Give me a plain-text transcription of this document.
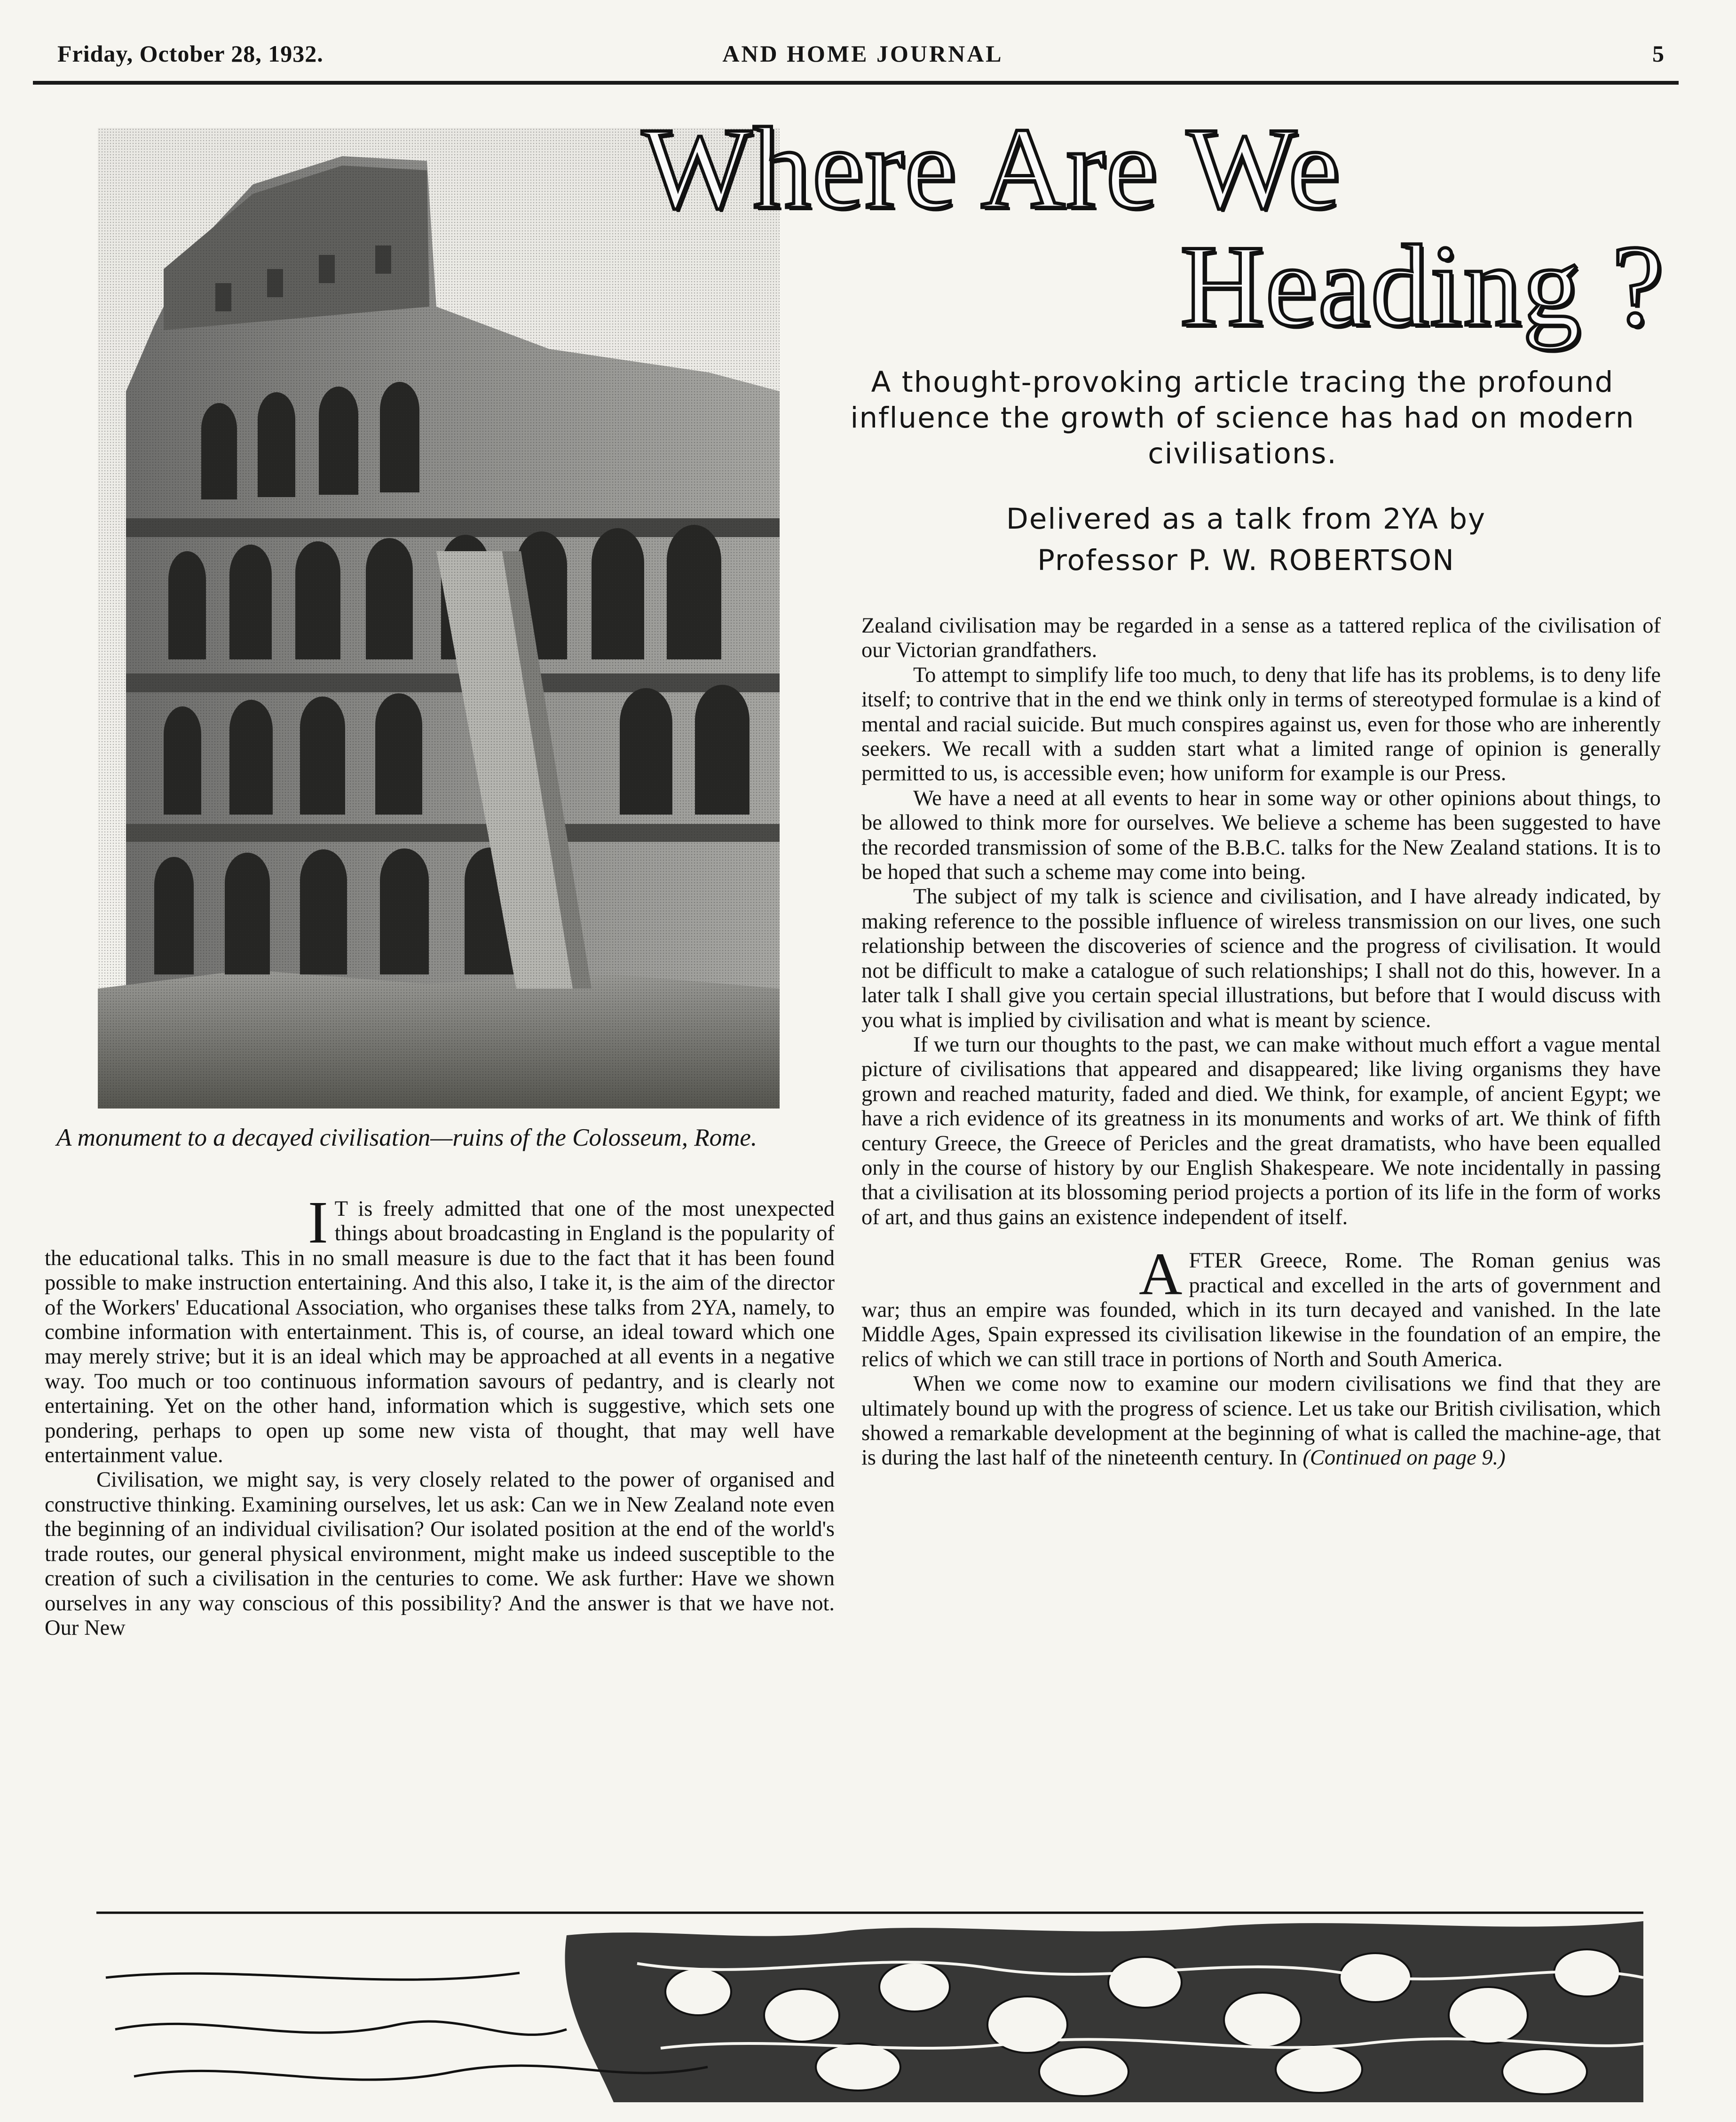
Friday, October 28, 1932.	AND HOME JOURNAL	5
A monument to a decayed civilisation—ruins of the Colosseum, Rome.
Where Are We
Heading ?
A thought-provoking article tracing the profound influence the growth of science has had on modern civilisations.
Delivered as a talk from 2YA by
Professor P. W. ROBERTSON

I T is freely admitted that one of the most unexpected things about broadcasting in England is the popularity of the educational talks. This in no small measure is due to the fact that it has been found possible to make instruction entertaining. And this also, I take it, is the aim of the director of the Workers' Educational Association, who organises these talks from 2YA, namely, to combine information with entertainment. This is, of course, an ideal toward which one may merely strive; but it is an ideal which may be approached at all events in a negative way. Too much or too continuous information savours of pedantry, and is clearly not entertaining. Yet on the other hand, information which is suggestive, which sets one pondering, perhaps to open up some new vista of thought, that may well have entertainment value.

Civilisation, we might say, is very closely related to the power of organised and constructive thinking. Examining ourselves, let us ask: Can we in New Zealand note even the beginning of an individual civilisation? Our isolated position at the end of the world's trade routes, our general physical environment, might make us indeed susceptible to the creation of such a civilisation in the centuries to come. We ask further: Have we shown ourselves in any way conscious of this possibility? And the answer is that we have not. Our New

Zealand civilisation may be regarded in a sense as a tattered replica of the civilisation of our Victorian grandfathers.

To attempt to simplify life too much, to deny that life has its problems, is to deny life itself; to contrive that in the end we think only in terms of stereotyped formulae is a kind of mental and racial suicide. But much conspires against us, even for those who are inherently seekers. We recall with a sudden start what a limited range of opinion is generally permitted to us, is accessible even; how uniform for example is our Press.

We have a need at all events to hear in some way or other opinions about things, to be allowed to think more for ourselves. We believe a scheme has been suggested to have the recorded transmission of some of the B.B.C. talks for the New Zealand stations. It is to be hoped that such a scheme may come into being.

The subject of my talk is science and civilisation, and I have already indicated, by making reference to the possible influence of wireless transmission on our lives, one such relationship between the discoveries of science and the progress of civilisation. It would not be difficult to make a catalogue of such relationships; I shall not do this, however. In a later talk I shall give you certain special illustrations, but before that I would discuss with you what is implied by civilisation and what is meant by science.

If we turn our thoughts to the past, we can make without much effort a vague mental picture of civilisations that appeared and disappeared; like living organisms they have grown and reached maturity, faded and died. We think, for example, of ancient Egypt; we have a rich evidence of its greatness in its monuments and works of art. We think of fifth century Greece, the Greece of Pericles and the great dramatists, who have been equalled only in the course of history by our English Shakespeare. We note incidentally in passing that a civilisation at its blossoming period projects a portion of its life in the form of works of art, and thus gains an existence independent of itself.

AFTER Greece, Rome. The Roman genius was practical and excelled in the arts of government and war; thus an empire was founded, which in its turn decayed and vanished. In the late Middle Ages, Spain expressed its civilisation likewise in the foundation of an empire, the relics of which we can still trace in portions of North and South America.

When we come now to examine our modern civilisations we find that they are ultimately bound up with the progress of science. Let us take our British civilisation, which showed a remarkable development at the beginning of what is called the machine-age, that is during the last half of the nineteenth century. In (Continued on page 9.)
